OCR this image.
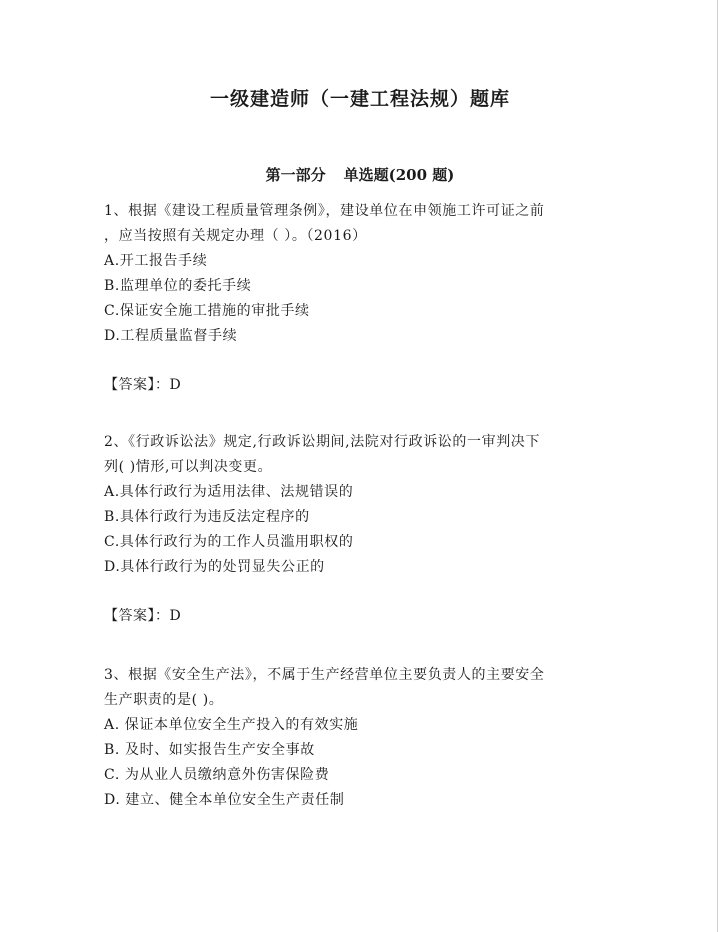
一级建造师（一建工程法规）题库
第一部分 单选题(200 题)

1、根据《建设工程质量管理条例》，建设单位在申领施工许可证之前

，应当按照有关规定办理（ ）。（2016）

A.开工报告手续

B.监理单位的委托手续

C.保证安全施工措施的审批手续

D.工程质量监督手续

【答案】：D

2、《行政诉讼法》规定,行政诉讼期间,法院对行政诉讼的一审判决下

列( )情形,可以判决变更。

A.具体行政行为适用法律、法规错误的

B.具体行政行为违反法定程序的

C.具体行政行为的工作人员滥用职权的

D.具体行政行为的处罚显失公正的

【答案】：D

3、根据《安全生产法》，不属于生产经营单位主要负责人的主要安全

生产职责的是( )。

A. 保证本单位安全生产投入的有效实施

B. 及时、如实报告生产安全事故

C. 为从业人员缴纳意外伤害保险费

D. 建立、健全本单位安全生产责任制
